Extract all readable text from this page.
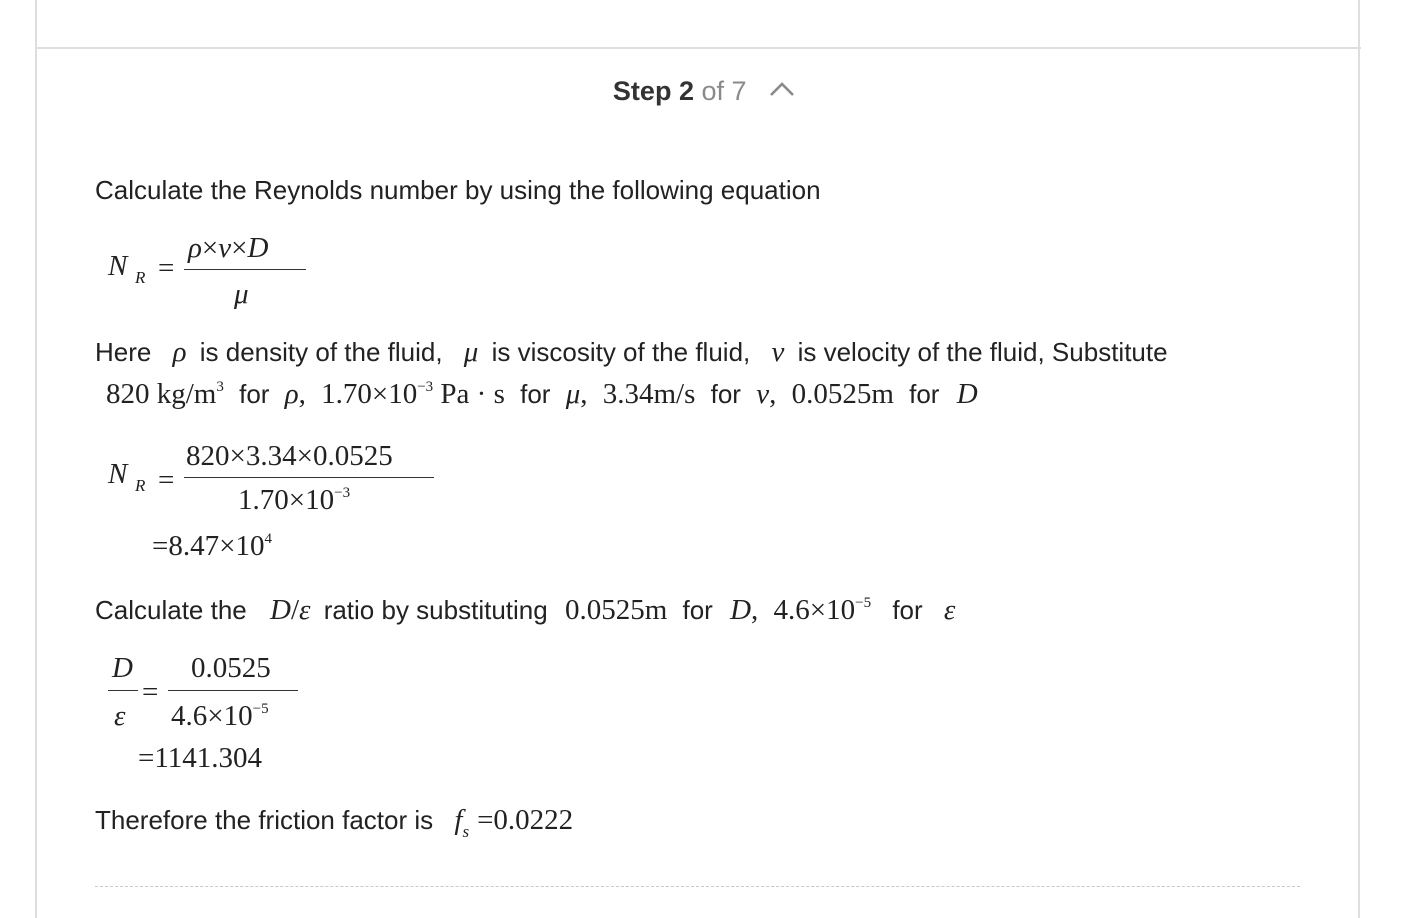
Step 2 of 7
Calculate the Reynolds number by using the following equation
N R =
ρ×v×D
μ
Here ρ is density of the fluid, μ is viscosity of the fluid, v is velocity of the fluid, Substitute
820 $kg/m^3$ for ρ, $1.70\times 10^{-3}$ Pa · s for μ, 3.34m/s for v, 0.0525m for D
N R =
820×3.34×0.0525
$1.70\times 10^{-3}$
$=8.47\times 10^4$
Calculate the D/ε ratio by substituting 0.0525m for D, $4.6\times 10^{-5}$ for ε
D
ε
=
0.0525
$4.6\times 10^{-5}$
=1141.304
Therefore the friction factor is $f_s =0.0222$
